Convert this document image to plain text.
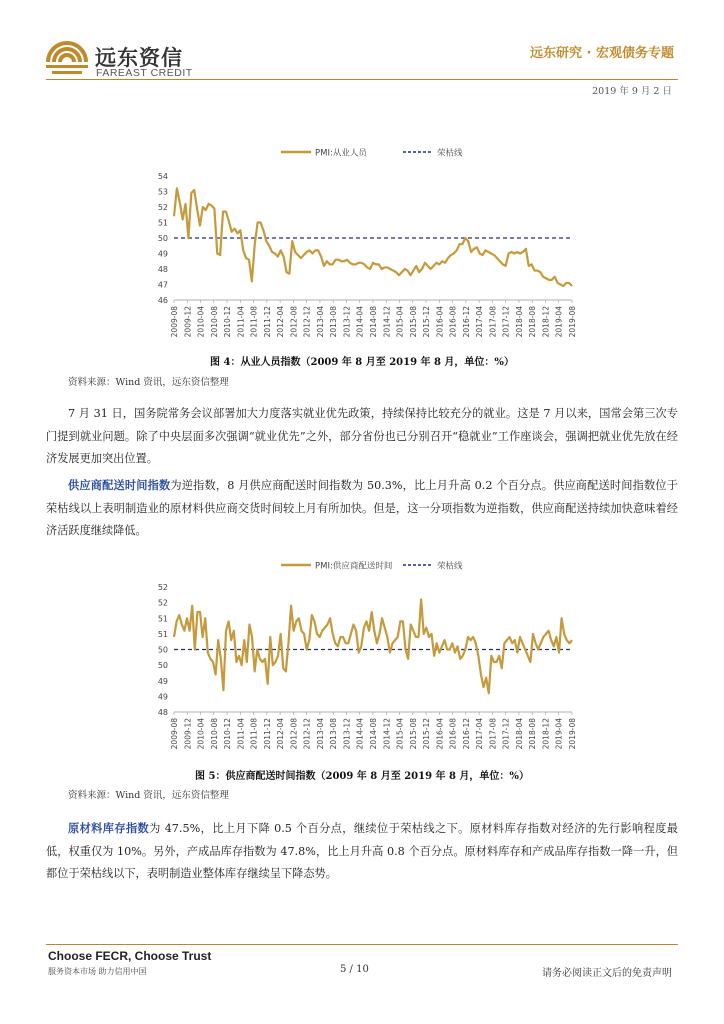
远东资信
FAREAST CREDIT
远东研究 · 宏观债务专题
2019 年 9 月 2 日
PMI:从业人员	荣枯线
46
47
48
49
50
51
52
53
54
2009-08 2009-12 2010-04 2010-08 2010-12 2011-04 2011-08 2011-12 2012-04 2012-08 2012-12 2013-04 2013-08 2013-12 2014-04 2014-08 2014-12 2015-04 2015-08 2015-12 2016-04 2016-08 2016-12 2017-04 2017-08 2017-12 2018-04 2018-08 2018-12 2019-04 2019-08
图 4：从业人员指数（2009 年 8 月至 2019 年 8 月，单位：%）
资料来源：Wind 资讯，远东资信整理
7 月 31 日，国务院常务会议部署加大力度落实就业优先政策，持续保持比较充分的就业。这是 7 月以来，国常会第三次专门提到就业问题。除了中央层面多次强调“就业优先”之外，部分省份也已分别召开“稳就业”工作座谈会，强调把就业优先放在经济发展更加突出位置。
供应商配送时间指数为逆指数，8 月供应商配送时间指数为 50.3%，比上月升高 0.2 个百分点。供应商配送时间指数位于荣枯线以上表明制造业的原材料供应商交货时间较上月有所加快。但是，这一分项指数为逆指数，供应商配送持续加快意味着经济活跃度继续降低。
PMI:供应商配送时间	荣枯线
48
49
49
50
50
51
51
52
52
2009-08 2009-12 2010-04 2010-08 2010-12 2011-04 2011-08 2011-12 2012-04 2012-08 2012-12 2013-04 2013-08 2013-12 2014-04 2014-08 2014-12 2015-04 2015-08 2015-12 2016-04 2016-08 2016-12 2017-04 2017-08 2017-12 2018-04 2018-08 2018-12 2019-04 2019-08
图 5：供应商配送时间指数（2009 年 8 月至 2019 年 8 月，单位：%）
资料来源：Wind 资讯，远东资信整理
原材料库存指数为 47.5%，比上月下降 0.5 个百分点，继续位于荣枯线之下。原材料库存指数对经济的先行影响程度最低，权重仅为 10%。另外，产成品库存指数为 47.8%，比上月升高 0.8 个百分点。原材料库存和产成品库存指数一降一升，但都位于荣枯线以下，表明制造业整体库存继续呈下降态势。
Choose FECR, Choose Trust
服务资本市场 助力信用中国	5 / 10	请务必阅读正文后的免责声明
